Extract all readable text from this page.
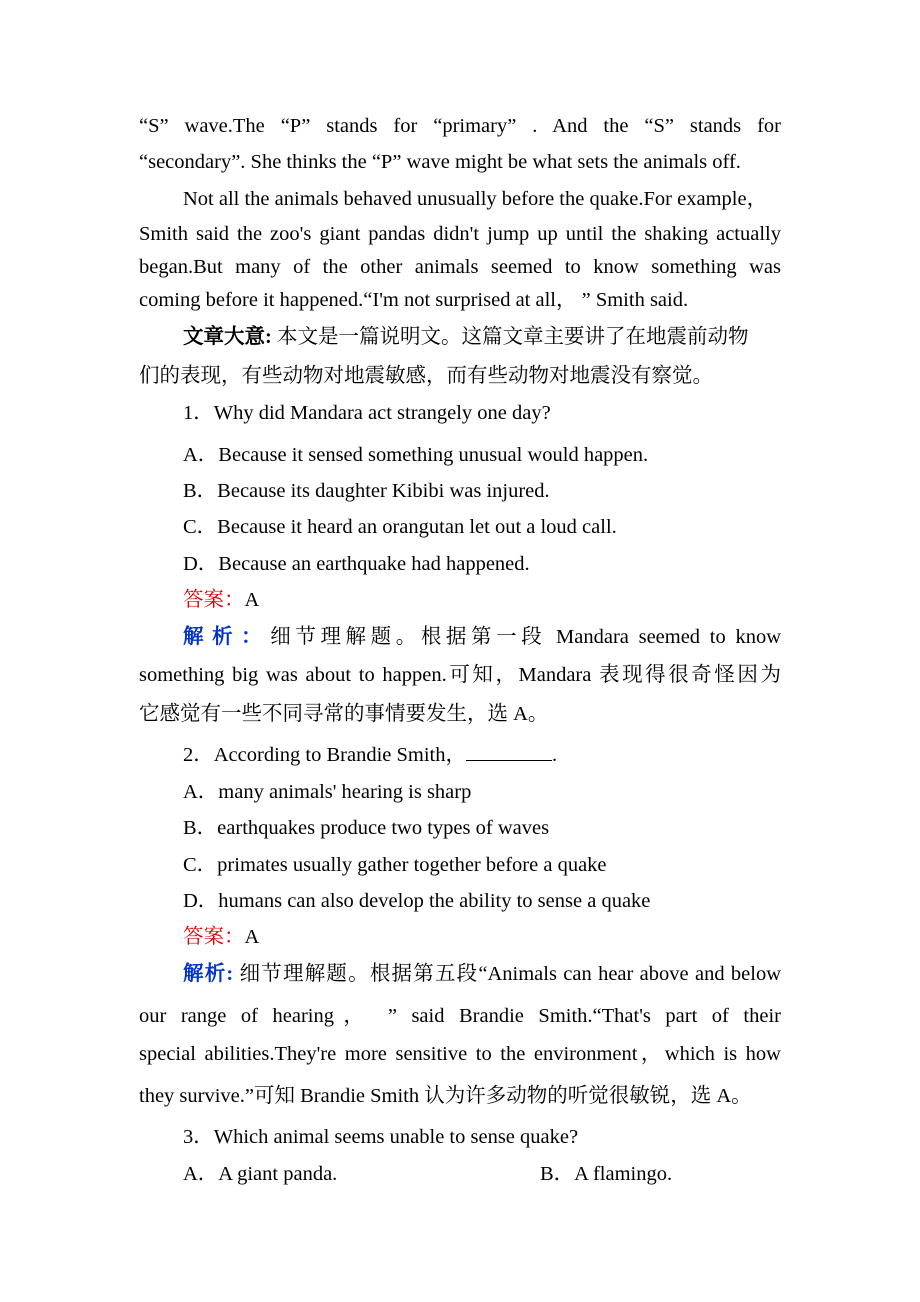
“S” wave.The “P” stands for “primary” . And the “S” stands for
“secondary”. She thinks the “P” wave might be what sets the animals off.
Not all the animals behaved unusually before the quake.For example，
Smith said the zoo's giant pandas didn't jump up until the shaking actually
began.But many of the other animals seemed to know something was
coming before it happened.“I'm not surprised at all， ” Smith said.
文章大意: 本文是一篇说明文。这篇文章主要讲了在地震前动物
们的表现，有些动物对地震敏感，而有些动物对地震没有察觉。
1．Why did Mandara act strangely one day?
A．Because it sensed something unusual would happen.
B．Because its daughter Kibibi was injured.
C．Because it heard an orangutan let out a loud call.
D．Because an earthquake had happened.
答案：A
解析：细节理解题。根据第一段 Mandara seemed to know
something big was about to happen.可知，Mandara 表现得很奇怪因为
它感觉有一些不同寻常的事情要发生，选 A。
2．According to Brandie Smith，	.
A．many animals' hearing is sharp
B．earthquakes produce two types of waves
C．primates usually gather together before a quake
D．humans can also develop the ability to sense a quake
答案：A
解析: 细节理解题。根据第五段“Animals can hear above and below
our range of hearing， ” said Brandie Smith.“That's part of their
special abilities.They're more sensitive to the environment，which is how
they survive.”可知 Brandie Smith 认为许多动物的听觉很敏锐，选 A。
3．Which animal seems unable to sense quake?
A．A giant panda.	B．A flamingo.
